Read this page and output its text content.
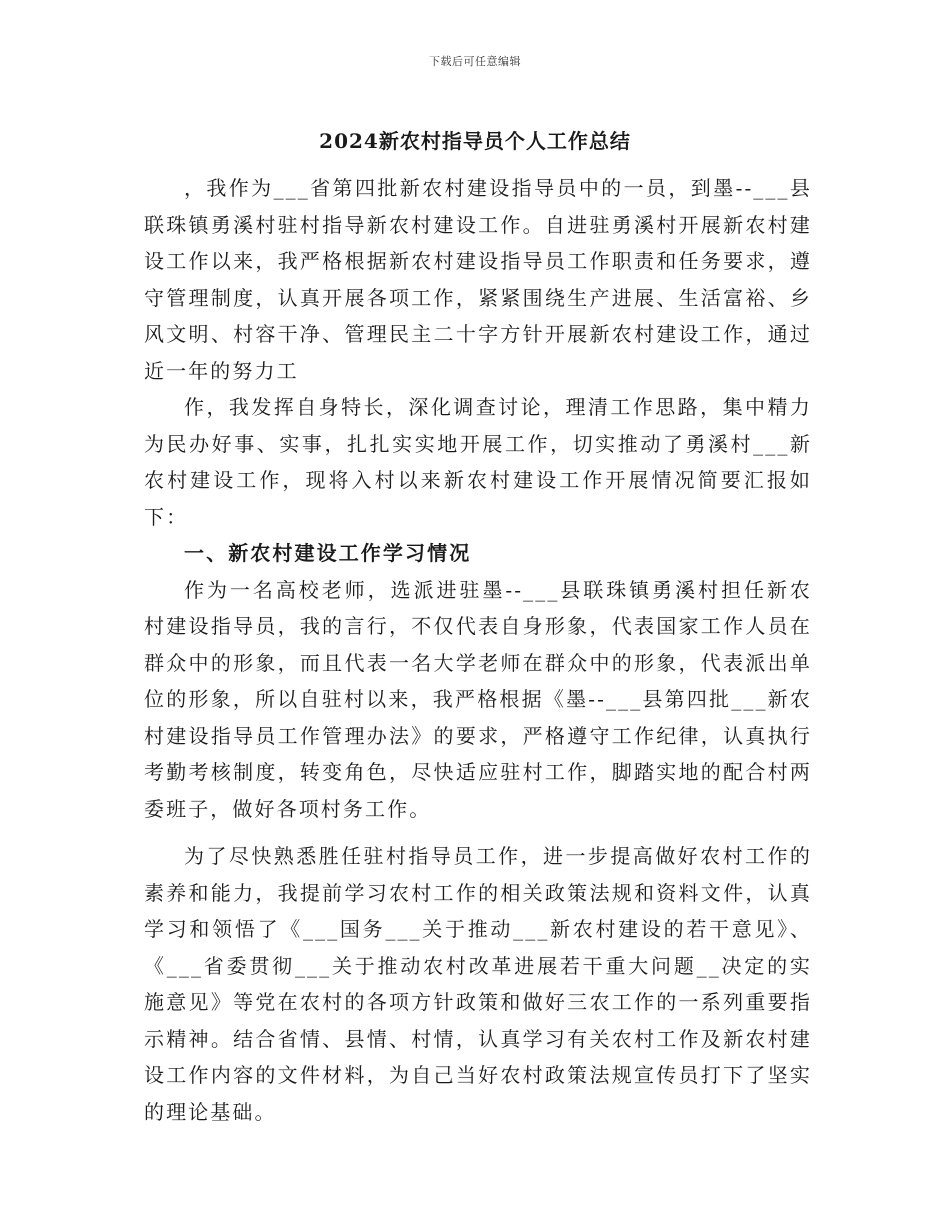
下载后可任意编辑
2024新农村指导员个人工作总结

，我作为___省第四批新农村建设指导员中的一员，到墨--___县联珠镇勇溪村驻村指导新农村建设工作。自进驻勇溪村开展新农村建设工作以来，我严格根据新农村建设指导员工作职责和任务要求，遵守管理制度，认真开展各项工作，紧紧围绕生产进展、生活富裕、乡风文明、村容干净、管理民主二十字方针开展新农村建设工作，通过近一年的努力工

作，我发挥自身特长，深化调查讨论，理清工作思路，集中精力为民办好事、实事，扎扎实实地开展工作，切实推动了勇溪村___新农村建设工作，现将入村以来新农村建设工作开展情况简要汇报如下：

一、新农村建设工作学习情况

作为一名高校老师，选派进驻墨--___县联珠镇勇溪村担任新农村建设指导员，我的言行，不仅代表自身形象，代表国家工作人员在群众中的形象，而且代表一名大学老师在群众中的形象，代表派出单位的形象，所以自驻村以来，我严格根据《墨--___县第四批___新农村建设指导员工作管理办法》的要求，严格遵守工作纪律，认真执行考勤考核制度，转变角色，尽快适应驻村工作，脚踏实地的配合村两委班子，做好各项村务工作。

为了尽快熟悉胜任驻村指导员工作，进一步提高做好农村工作的素养和能力，我提前学习农村工作的相关政策法规和资料文件，认真学习和领悟了《___国务___关于推动___新农村建设的若干意见》、《___省委贯彻___关于推动农村改革进展若干重大问题__决定的实施意见》等党在农村的各项方针政策和做好三农工作的一系列重要指示精神。结合省情、县情、村情，认真学习有关农村工作及新农村建设工作内容的文件材料，为自己当好农村政策法规宣传员打下了坚实的理论基础。
